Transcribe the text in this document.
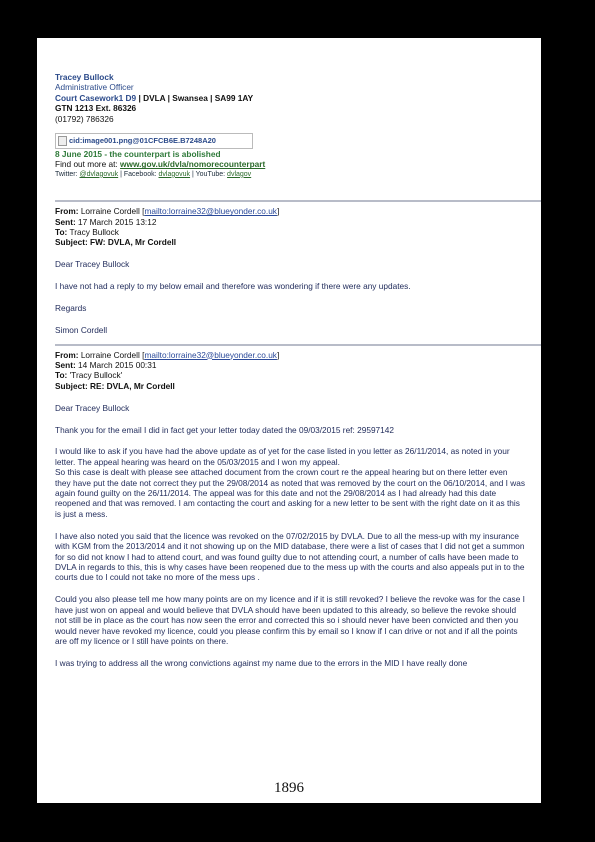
Tracey Bullock

Administrative Officer

Court Casework1 D9 | DVLA | Swansea | SA99 1AY

GTN 1213 Ext. 86326

(01792) 786326

cid:image001.png@01CFCB6E.B7248A20

8 June 2015 - the counterpart is abolished

Find out more at: www.gov.uk/dvla/nomorecounterpart

Twitter: @dvlagovuk | Facebook: dvlagovuk | YouTube: dvlagov

From: Lorraine Cordell [mailto:lorraine32@blueyonder.co.uk]

Sent: 17 March 2015 13:12

To: Tracy Bullock

Subject: FW: DVLA, Mr Cordell

Dear Tracey Bullock

I have not had a reply to my below email and therefore was wondering if there were any updates.

Regards

Simon Cordell

From: Lorraine Cordell [mailto:lorraine32@blueyonder.co.uk]

Sent: 14 March 2015 00:31

To: 'Tracy Bullock'

Subject: RE: DVLA, Mr Cordell

Dear Tracey Bullock

Thank you for the email I did in fact get your letter today dated the 09/03/2015 ref: 29597142

I would like to ask if you have had the above update as of yet for the case listed in you letter as 26/11/2014, as noted in your letter. The appeal hearing was heard on the 05/03/2015 and I won my appeal.

So this case is dealt with please see attached document from the crown court re the appeal hearing but on there letter even they have put the date not correct they put the 29/08/2014 as noted that was removed by the court on the 06/10/2014, and I was again found guilty on the 26/11/2014. The appeal was for this date and not the 29/08/2014 as I had already had this date reopened and that was removed. I am contacting the court and asking for a new letter to be sent with the right date on it as this is just a mess.

I have also noted you said that the licence was revoked on the 07/02/2015 by DVLA. Due to all the mess-up with my insurance with KGM from the 2013/2014 and it not showing up on the MID database, there were a list of cases that I did not get a summon for so did not know I had to attend court, and was found guilty due to not attending court, a number of calls have been made to DVLA in regards to this, this is why cases have been reopened due to the mess up with the courts and also appeals put in to the courts due to I could not take no more of the mess ups .

Could you also please tell me how many points are on my licence and if it is still revoked? I believe the revoke was for the case I have just won on appeal and would believe that DVLA should have been updated to this already, so believe the revoke should not still be in place as the court has now seen the error and corrected this so i should never have been convicted and then you would never have revoked my licence, could you please confirm this by email so I know if I can drive or not and if all the points are off my licence or I still have points on there.

I was trying to address all the wrong convictions against my name due to the errors in the MID I have really done

1896
